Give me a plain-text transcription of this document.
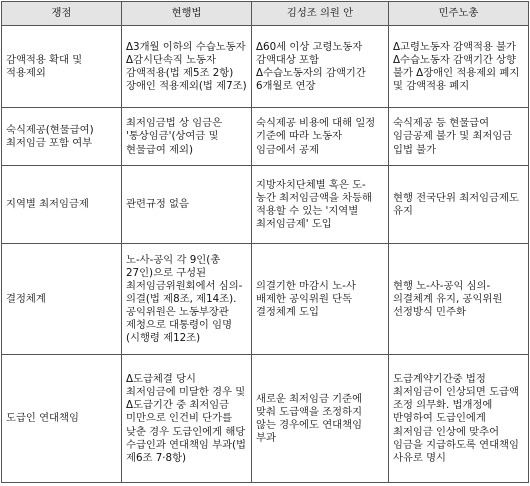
쟁점	현행법	김성조 의원 안	민주노총
감액적용 확대 및 적용제외	Δ3개월 이하의 수습노동자 Δ감시단속직 노동자 감액적용(법 제5조 2항) 장애인 적용제외(법 제7조)	Δ60세 이상 고령노동자 감액대상 포함 Δ수습노동자의 감액기간 6개월로 연장	Δ고령노동자 감액적용 불가 Δ수습노동자 감액기간 상향 불가 Δ장애인 적용제외 폐지 및 감액적용 폐지
숙식제공(현물급여) 최저임금 포함 여부	최저임금법 상 임금은 '통상임금'(상여금 및 현물급여 제외)	숙식제공 비용에 대해 일정 기준에 따라 노동자 임금에서 공제	숙식제공 등 현물급여 임금공제 불가 및 최저임금 입법 불가
지역별 최저임금제	관련규정 없음	지방자치단체별 혹은 도-농간 최저임금액을 차등해 적용할 수 있는 '지역별 최저임금제' 도입	현행 전국단위 최저임금제도 유지
결정체계	노-사-공익 각 9인(총 27인)으로 구성된 최저임금위원회에서 심의-의결(법 제8조, 제14조). 공익위원은 노동부장관 제청으로 대통령이 임명(시행령 제12조)	의결기한 마감시 노-사 배제한 공익위원 단독 결정체계 도입	현행 노-사-공익 심의-의결체계 유지, 공익위원 선정방식 민주화
도급인 연대책임	Δ도급체결 당시 최저임금에 미달한 경우 및 Δ도급기간 중 최저임금 미만으로 인건비 단가를 낮춘 경우 도급인에게 해당 수급인과 연대책임 부과(법 제6조 7·8항)	새로운 최저임금 기준에 맞춰 도급액을 조정하지 않는 경우에도 연대책임 부과	도급계약기간중 법정 최저임금이 인상되면 도급액 조정 의무화. 법개정에 반영하여 도급인에게 최저임금 인상에 맞추어 임금을 지급하도록 연대책임 사유로 명시
